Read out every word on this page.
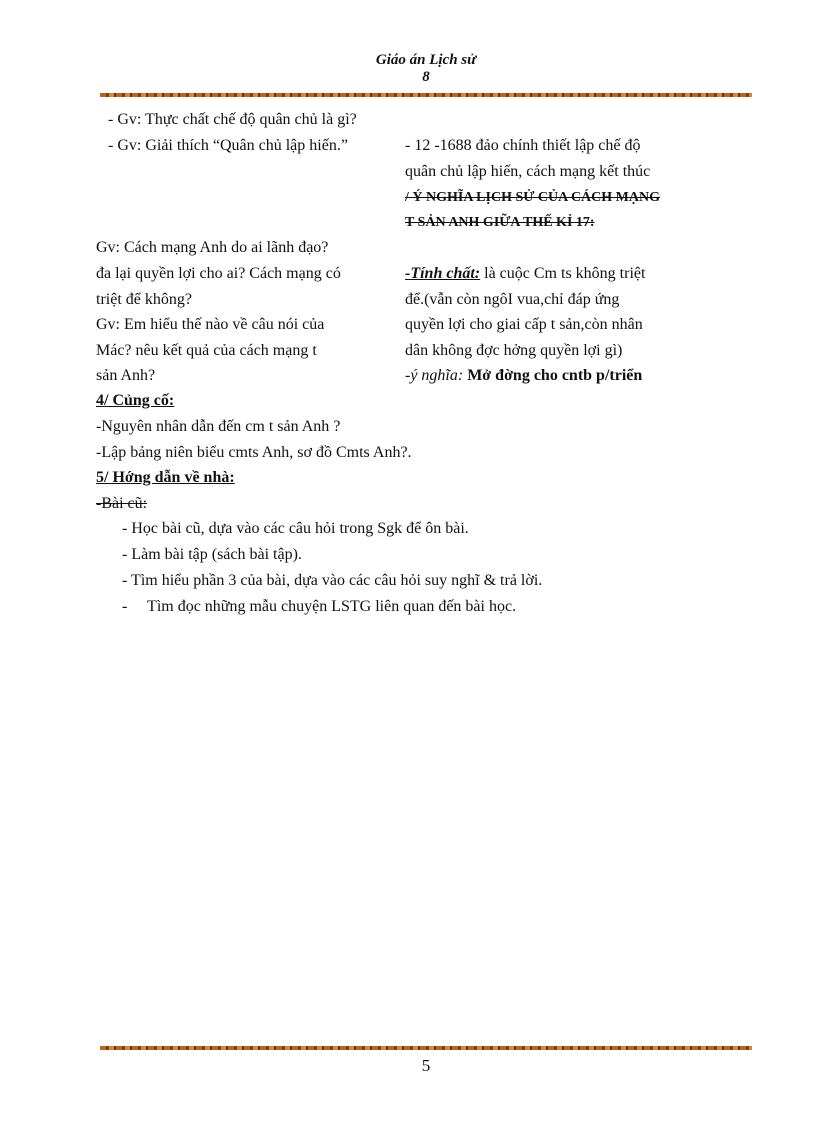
Giáo án Lịch sử
8
- Gv: Thực chất chế độ quân chủ là gì?
- Gv: Giải thích “Quân chủ lập hiến.”
Gv: Cách mạng Anh do ai lãnh đạo?
đa lại quyền lợi cho ai? Cách mạng có
triệt để không?
Gv: Em hiểu thế nào về câu nói của
Mác? nêu kết quả của cách mạng t
sản Anh?
- 12 -1688 đảo chính thiết lập chế độ
quân chủ lập hiến, cách mạng kết thúc
/ Ý NGHĨA LỊCH SỬ CỦA CÁCH MẠNG
T SẢN ANH GIỮA THẾ KỈ 17:
-Tính chất: là cuộc Cm ts không triệt
để.(vẫn còn ngôI vua,chỉ đáp ứng
quyền lợi cho giai cấp t sản,còn nhân
dân không đợc hởng quyền lợi gì)
-ý nghĩa: Mở đờng cho cntb p/triển
4/ Củng cố:
-Nguyên nhân dẫn đến cm t sản Anh ?
-Lập bảng niên biểu cmts Anh, sơ đồ Cmts Anh?.
5/ Hớng dẫn về nhà:
-Bài cũ:
- Học bài cũ, dựa vào các câu hỏi trong Sgk để ôn bài.
- Làm bài tập (sách bài tập).
- Tìm hiểu phần 3 của bài, dựa vào các câu hỏi suy nghĩ & trả lời.
-     Tìm đọc những mẫu chuyện LSTG liên quan đến bài học.
5
